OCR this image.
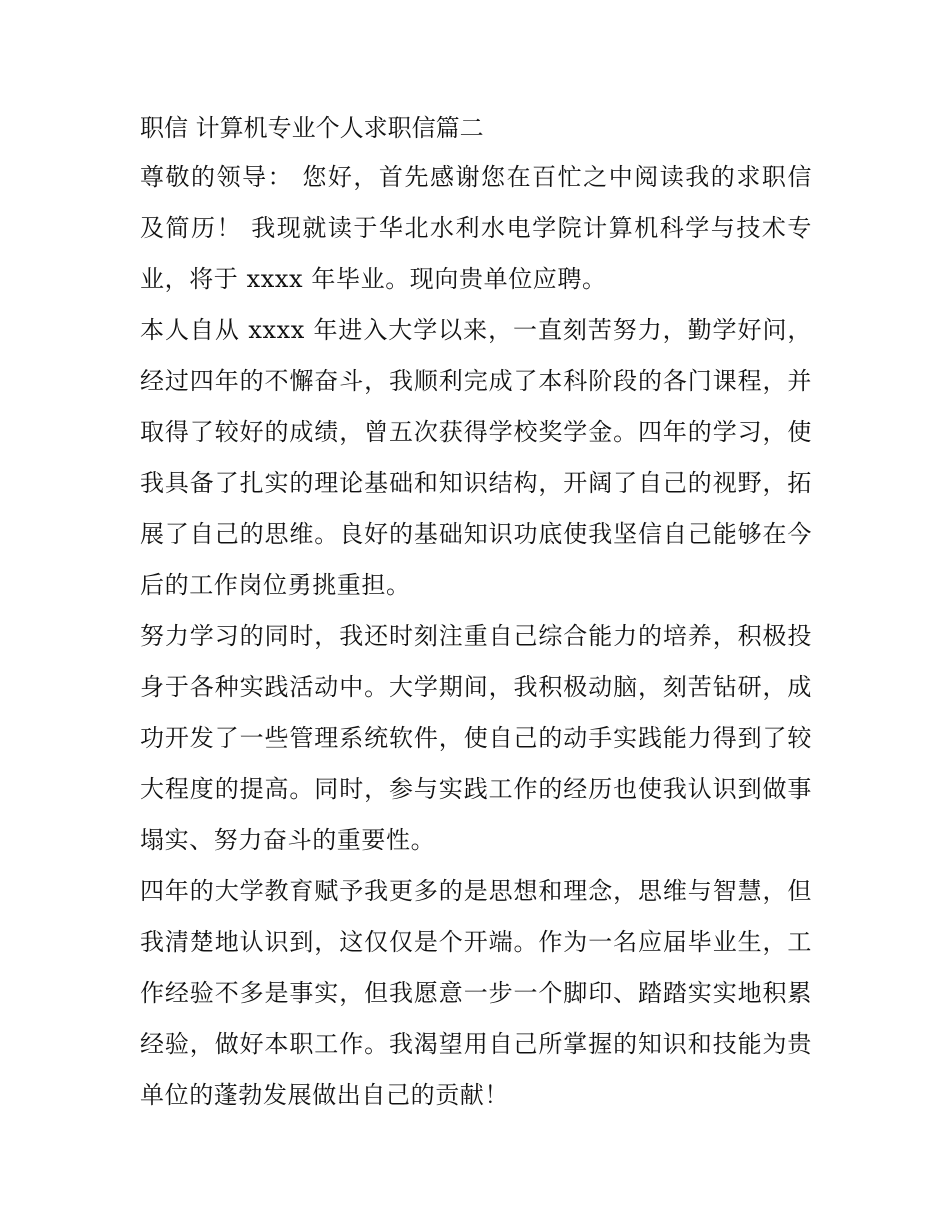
职信 计算机专业个人求职信篇二

尊敬的领导： 您好，首先感谢您在百忙之中阅读我的求职信及简历！ 我现就读于华北水利水电学院计算机科学与技术专业，将于 xxxx 年毕业。现向贵单位应聘。

本人自从 xxxx 年进入大学以来，一直刻苦努力，勤学好问，经过四年的不懈奋斗，我顺利完成了本科阶段的各门课程，并取得了较好的成绩，曾五次获得学校奖学金。四年的学习，使我具备了扎实的理论基础和知识结构，开阔了自己的视野，拓展了自己的思维。良好的基础知识功底使我坚信自己能够在今后的工作岗位勇挑重担。

努力学习的同时，我还时刻注重自己综合能力的培养，积极投身于各种实践活动中。大学期间，我积极动脑，刻苦钻研，成功开发了一些管理系统软件，使自己的动手实践能力得到了较大程度的提高。同时，参与实践工作的经历也使我认识到做事塌实、努力奋斗的重要性。

四年的大学教育赋予我更多的是思想和理念，思维与智慧，但我清楚地认识到，这仅仅是个开端。作为一名应届毕业生，工作经验不多是事实，但我愿意一步一个脚印、踏踏实实地积累经验，做好本职工作。我渴望用自己所掌握的知识和技能为贵单位的蓬勃发展做出自己的贡献！
